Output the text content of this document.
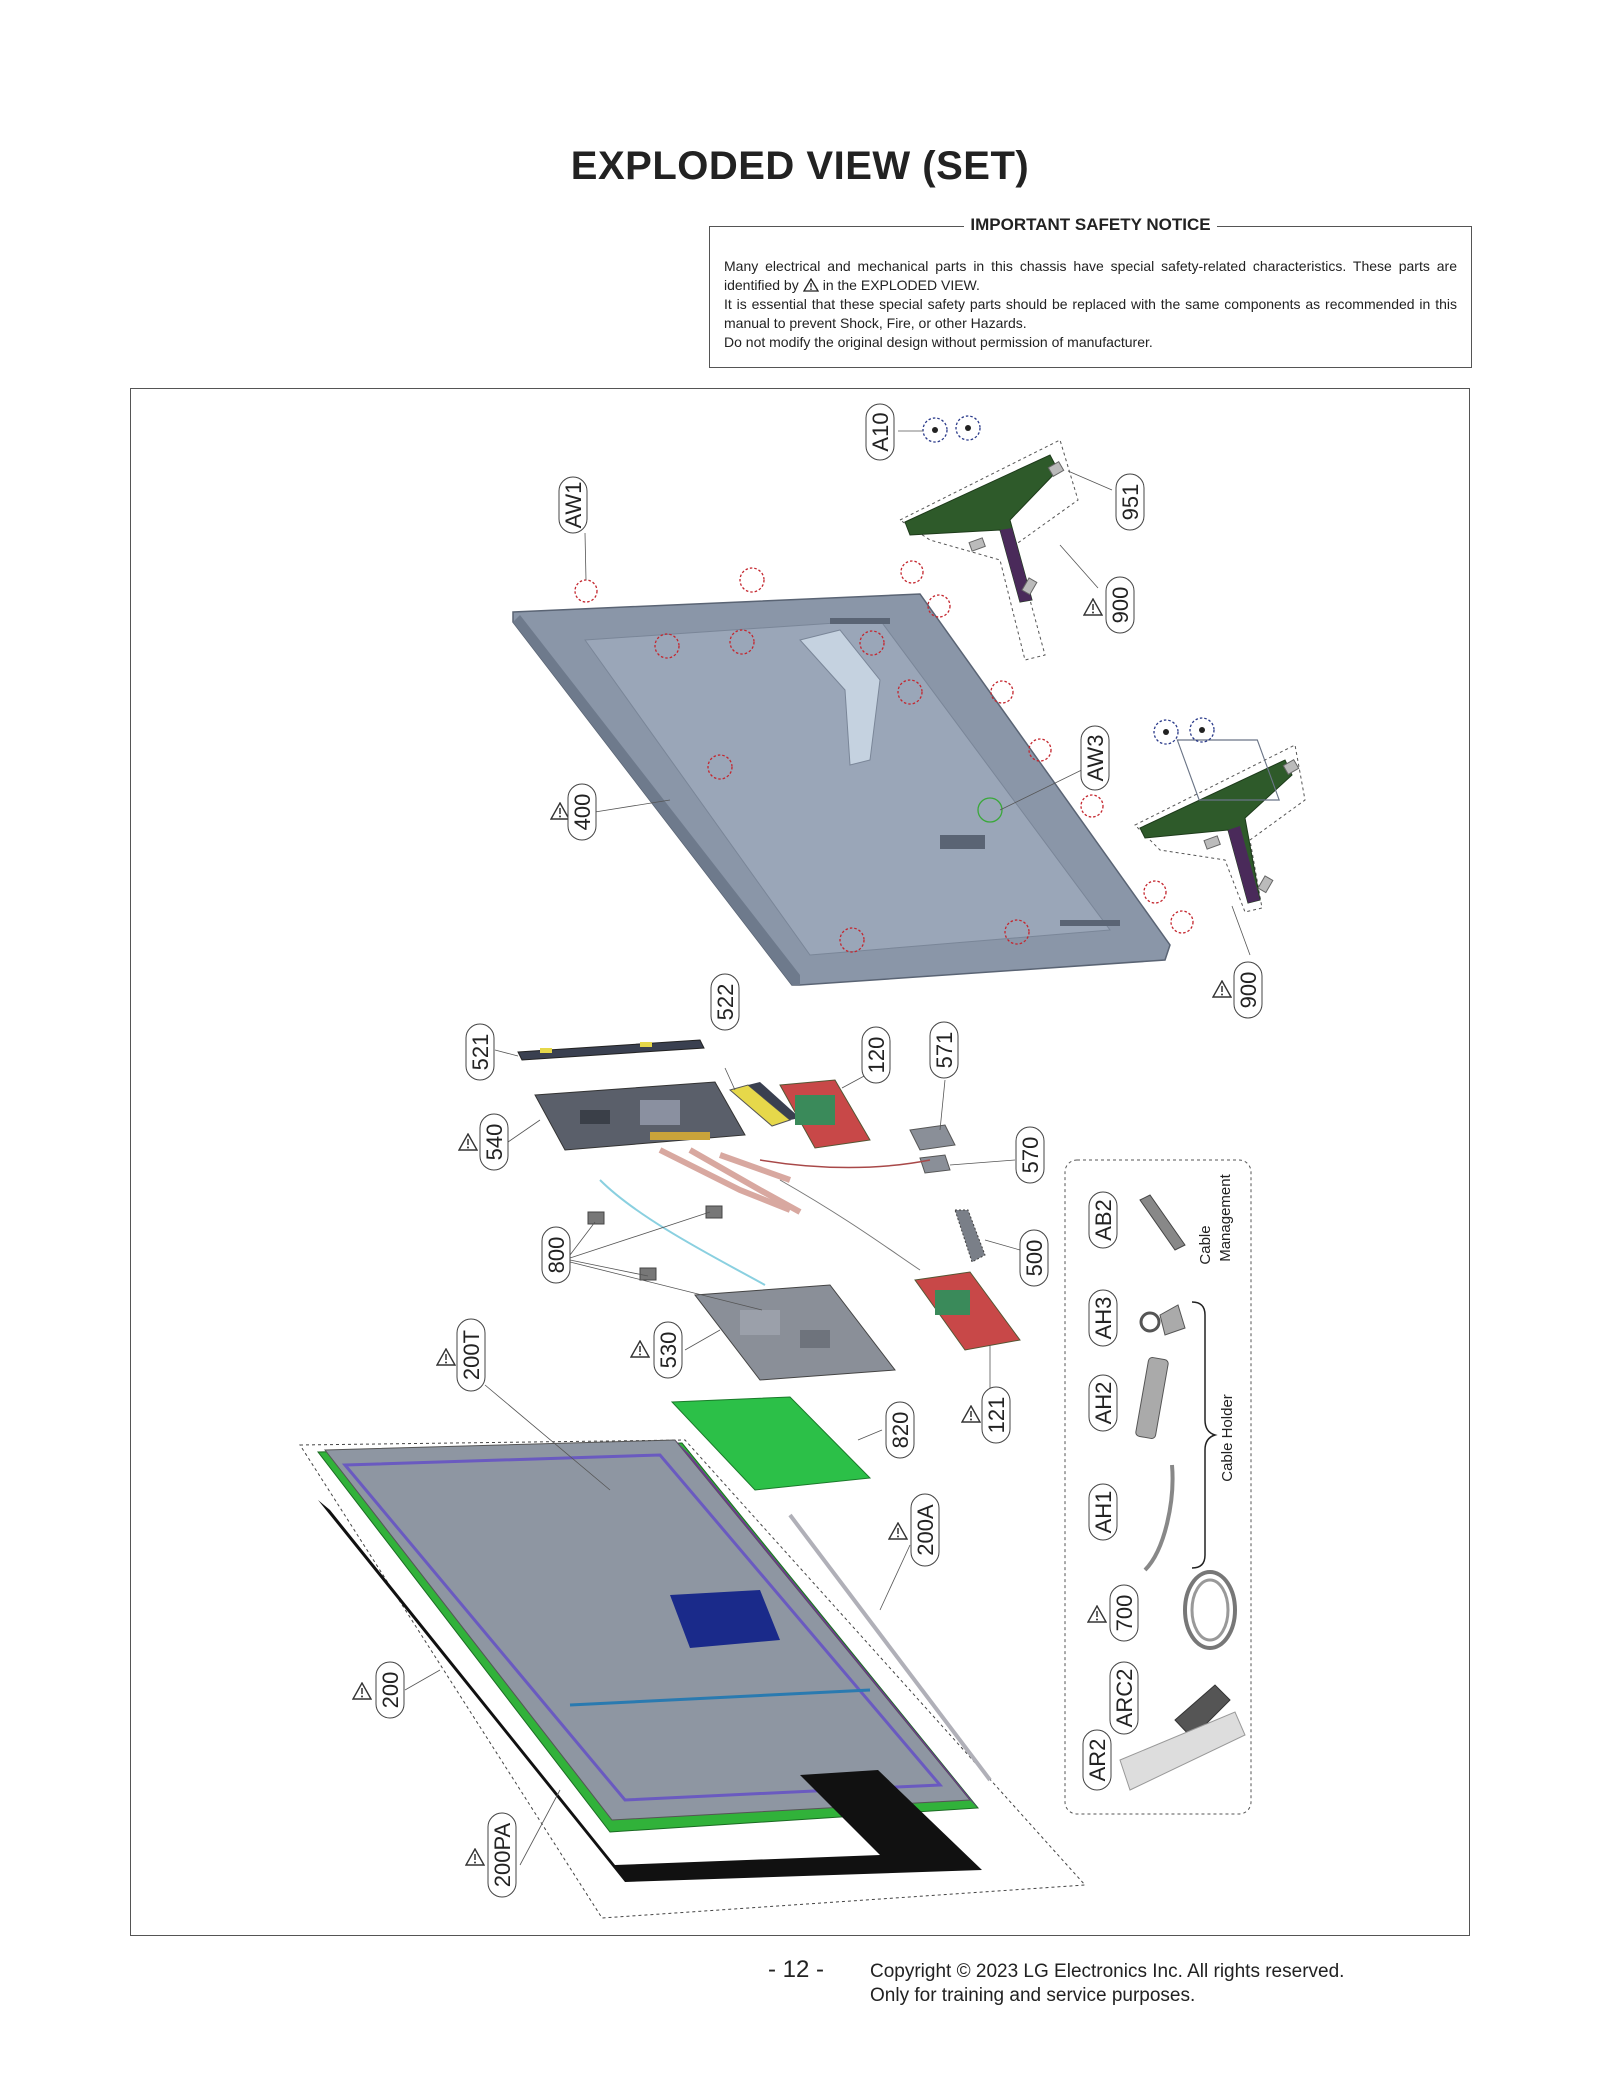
EXPLODED VIEW (SET)
IMPORTANT SAFETY NOTICE

Many electrical and mechanical parts in this chassis have special safety-related characteristics. These parts are identified by in the EXPLODED VIEW.

It is essential that these special safety parts should be replaced with the same components as recommended in this manual to prevent Shock, Fire, or other Hazards.

Do not modify the original design without permission of manufacturer.

A10
AW1	951
900
AW3
400
900
522
521	120 571
540	570
800	500
200T	530
820	121
200A
200
200PA
AB2
AH3
AH2
AH1
700
ARC2
AR2
Cable Management
Cable Holder
- 12 - Copyright © 2023 LG Electronics Inc. All rights reserved.
Only for training and service purposes.
